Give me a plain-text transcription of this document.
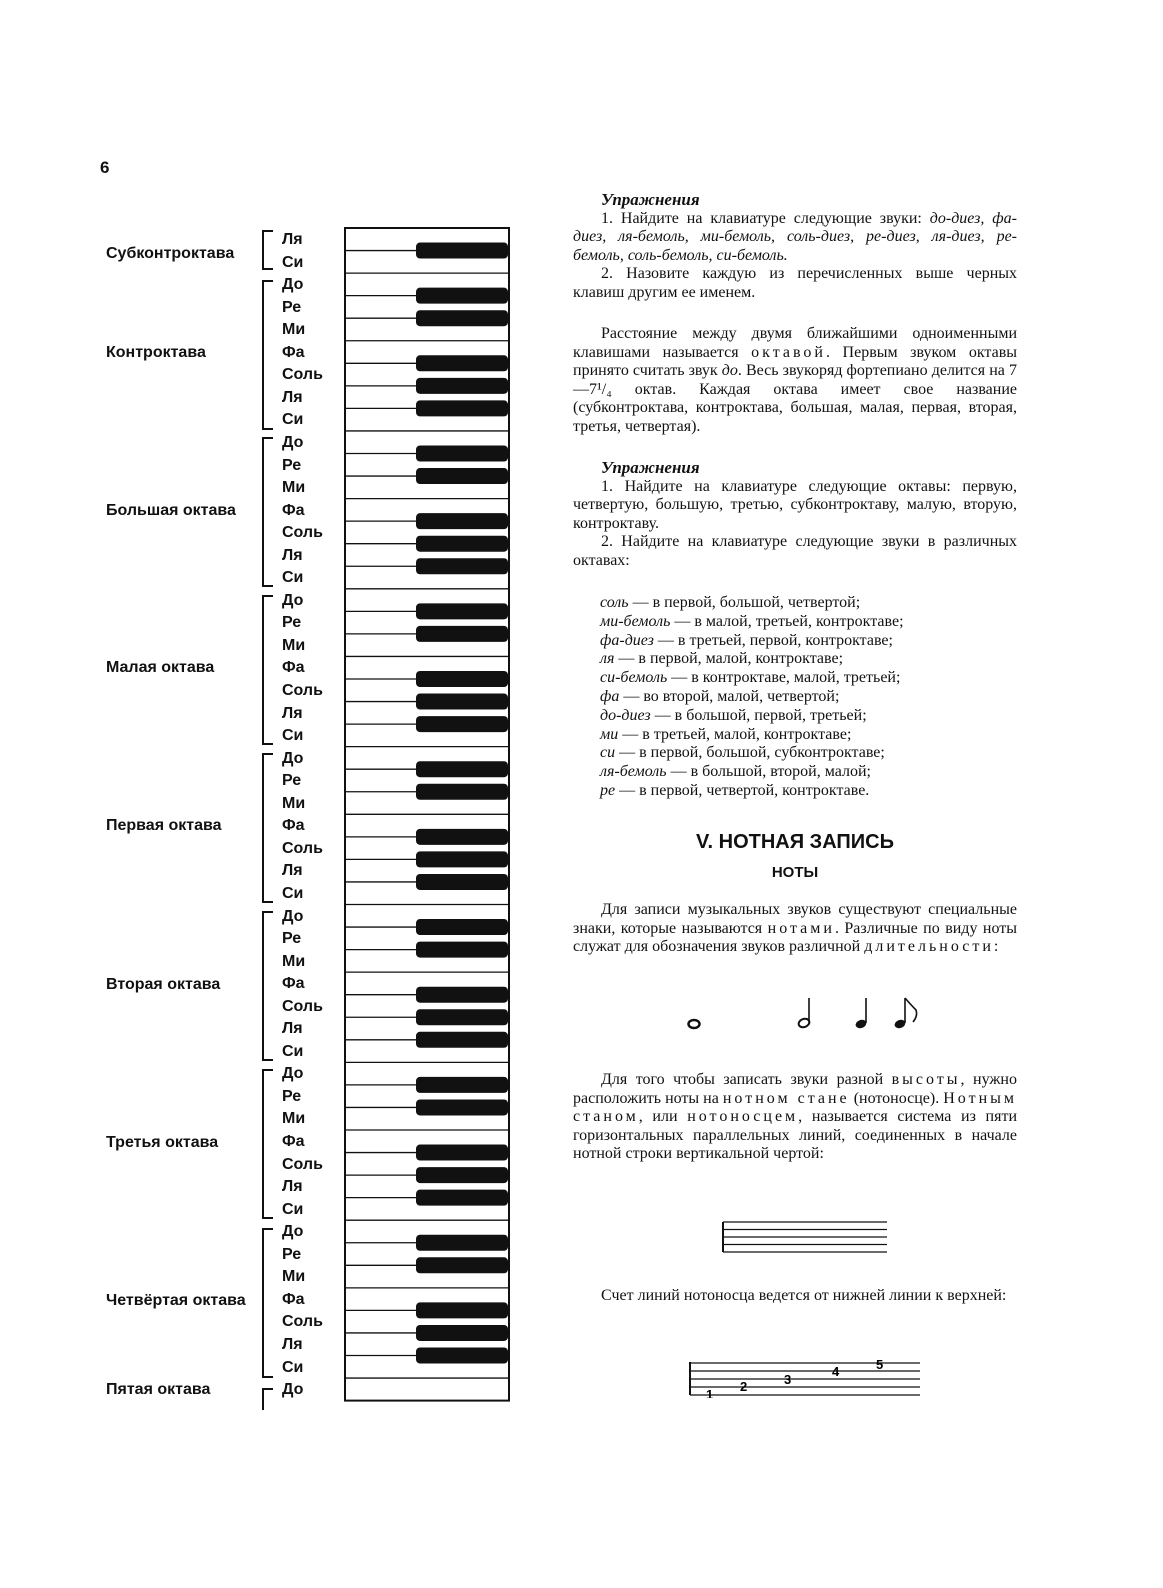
6
Субконтроктава
Контроктава
Большая октава
Малая октава
Первая октава
Вторая октава
Третья октава
Четвёртая октава
Пятая октава
Ля
Си
До
Ре
Ми
Фа
Соль
Ля
Си
До
Ре
Ми
Фа
Соль
Ля
Си
До
Ре
Ми
Фа
Соль
Ля
Си
До
Ре
Ми
Фа
Соль
Ля
Си
До
Ре
Ми
Фа
Соль
Ля
Си
До
Ре
Ми
Фа
Соль
Ля
Си
До
Ре
Ми
Фа
Соль
Ля
Си
До

Упражнения

1. Найдите на клавиатуре следующие звуки: до-диез, фа-диез, ля-бемоль, ми-бемоль, соль-диез, ре-диез, ля-диез, ре-бемоль, соль-бемоль, си-бемоль.

2. Назовите каждую из перечисленных выше черных клавиш другим ее именем.

Расстояние между двумя ближайшими одноименными клавишами называется октавой. Первым звуком октавы принято считать звук до. Весь звукоряд фортепиано делится на 7—7¹/₄ октав. Каждая октава имеет свое название (субконтроктава, контроктава, большая, малая, первая, вторая, третья, четвертая).

Упражнения

1. Найдите на клавиатуре следующие октавы: первую, четвертую, большую, третью, субконтроктаву, малую, вторую, контроктаву.

2. Найдите на клавиатуре следующие звуки в различных октавах:

соль — в первой, большой, четвертой;
ми-бемоль — в малой, третьей, контроктаве;
фа-диез — в третьей, первой, контроктаве;
ля — в первой, малой, контроктаве;
си-бемоль — в контроктаве, малой, третьей;
фа — во второй, малой, четвертой;
до-диез — в большой, первой, третьей;
ми — в третьей, малой, контроктаве;
си — в первой, большой, субконтроктаве;
ля-бемоль — в большой, второй, малой;
ре — в первой, четвертой, контроктаве.
V. НОТНАЯ ЗАПИСЬ
НОТЫ

Для записи музыкальных звуков существуют специальные знаки, которые называются нотами. Различные по виду ноты служат для обозначения звуков различной длительности:

Для того чтобы записать звуки разной высоты, нужно расположить ноты на нотном стане (нотоносце). Нотным станом, или нотоносцем, называется система из пяти горизонтальных параллельных линий, соединенных в начале нотной строки вертикальной чертой:

Счет линий нотоносца ведется от нижней линии к верхней:

1
2	3
4	5
